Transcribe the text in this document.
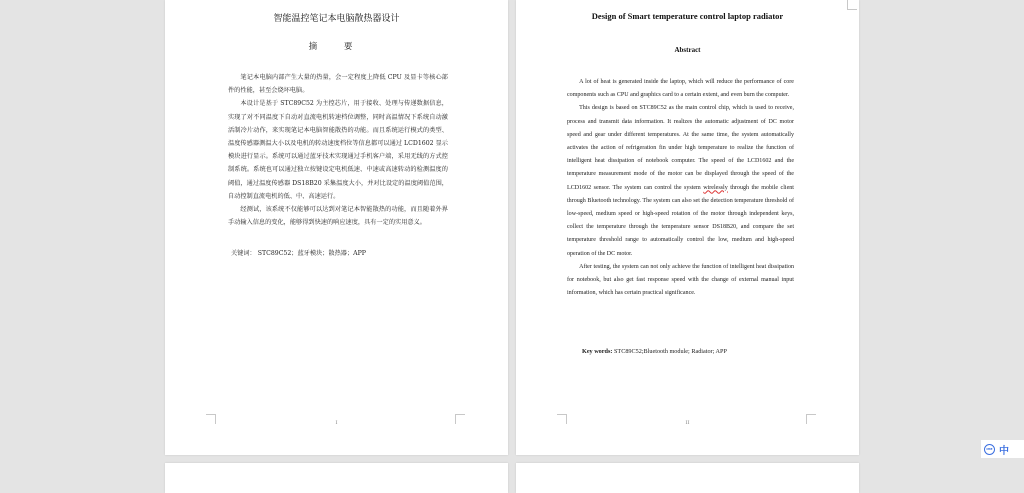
智能温控笔记本电脑散热器设计
摘 要

笔记本电脑内部产生大量的热量，会一定程度上降低 CPU 及显卡等核心部件的性能，甚至会烧坏电脑。

本设计是基于 STC89C52 为主控芯片，用于接收、处理与传递数据信息，实现了对不同温度下自动对直流电机转速档位调整，同时高温情况下系统自动激活制冷片动作，来实现笔记本电脑智能散热的功能。而且系统运行模式的类型、温度传感器测温大小以及电机的转动速度档位等信息都可以通过 LCD1602 显示模块进行显示。系统可以通过蓝牙技术实现通过手机客户端，采用无线的方式控制系统。系统也可以通过独立按键设定电机低速、中速或高速转动的检测温度的阈值，通过温度传感器 DS18B20 采集温度大小，并对比设定的温度阈值范围，自动控制直流电机的低、中、高速运行。

经测试，该系统不仅能够可以达到对笔记本智能散热的功能，而且随着外界手动输入信息的变化，能够得到快速的响应速度，具有一定的实用意义。

关键词： STC89C52；蓝牙模块；散热器；APP
I
Design of Smart temperature control laptop radiator
Abstract

A lot of heat is generated inside the laptop, which will reduce the performance of core components such as CPU and graphics card to a certain extent, and even burn the computer.

This design is based on STC89C52 as the main control chip, which is used to receive, process and transmit data information. It realizes the automatic adjustment of DC motor speed and gear under different temperatures. At the same time, the system automatically activates the action of refrigeration fin under high temperature to realize the function of intelligent heat dissipation of notebook computer. The speed of the LCD1602 and the temperature measurement mode of the motor can be displayed through the speed of the LCD1602 sensor. The system can control the system wirelessly through the mobile client through Bluetooth technology. The system can also set the detection temperature threshold of low-speed, medium speed or high-speed rotation of the motor through independent keys, collect the temperature through the temperature sensor DS18B20, and compare the set temperature threshold range to automatically control the low, medium and high-speed operation of the DC motor.

After testing, the system can not only achieve the function of intelligent heat dissipation for notebook, but also get fast response speed with the change of external manual input information, which has certain practical significance.

Key words: STC89C52;Bluetooth module; Radiator; APP
II
IME 中
